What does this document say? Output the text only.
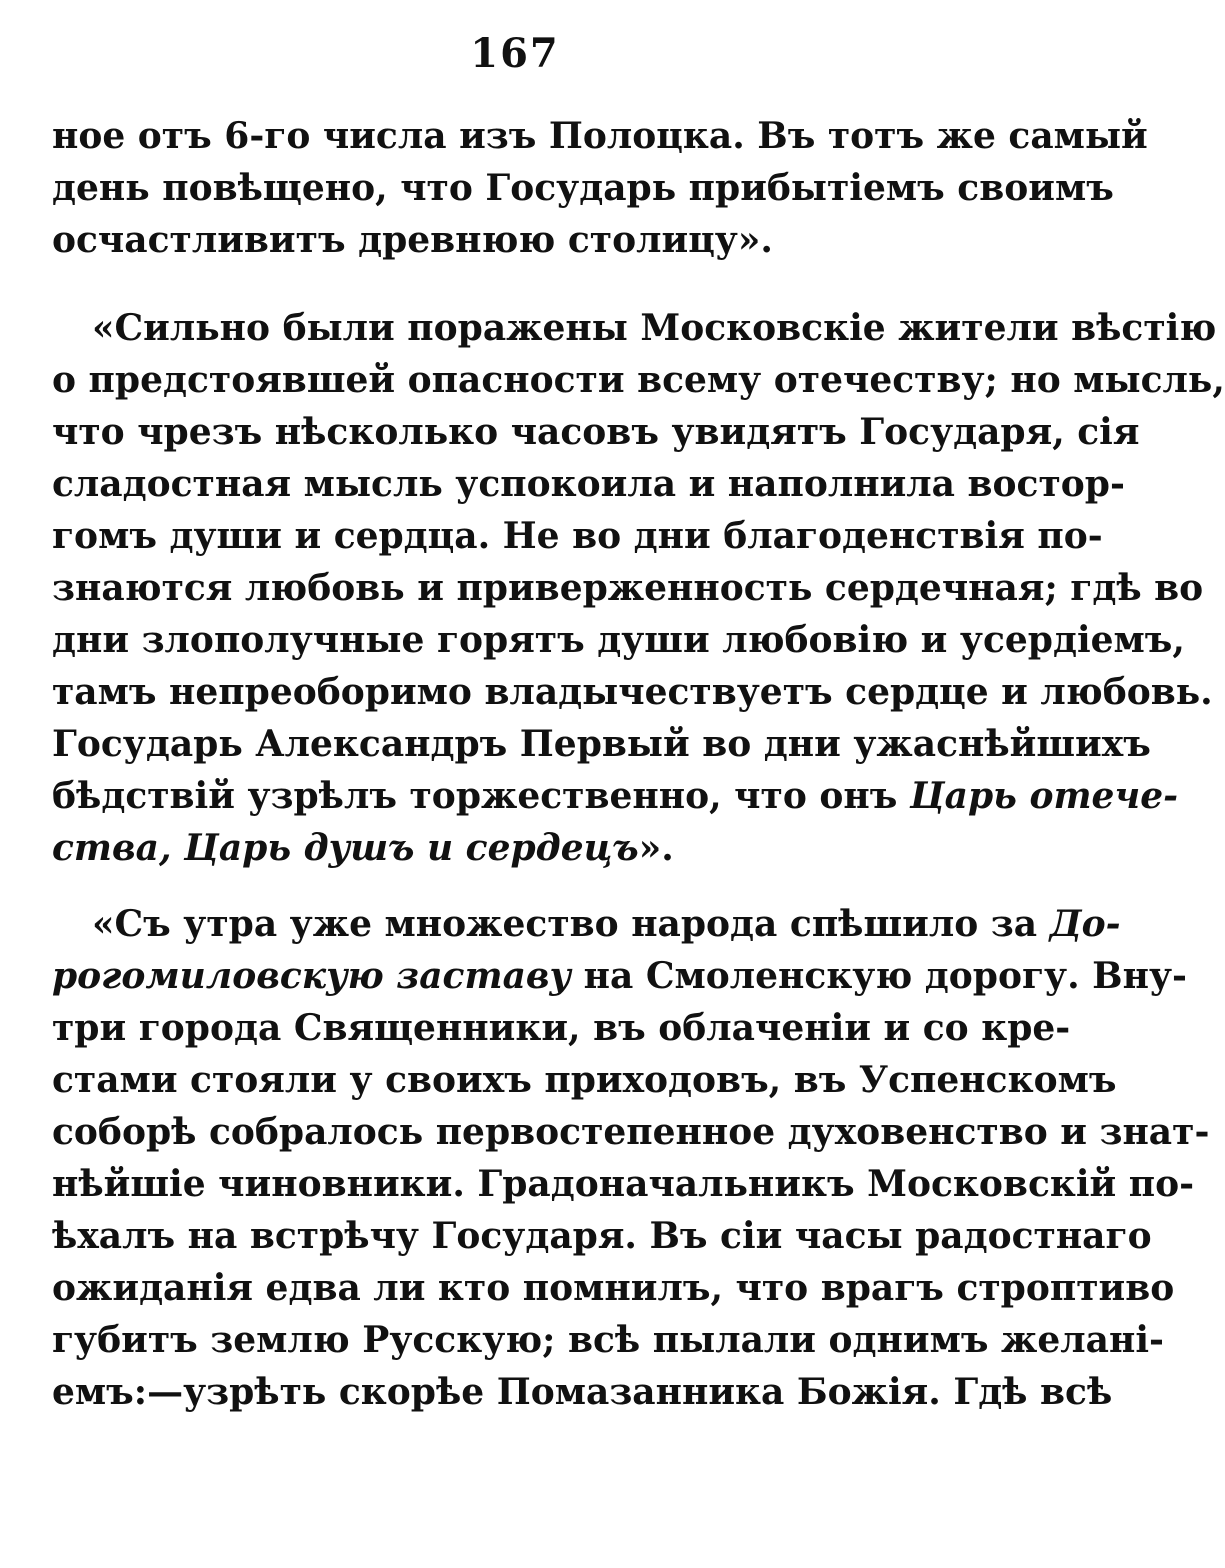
167
ное отъ 6-го числа изъ Полоцка. Въ тотъ же самый
день повѣщено, что Государь прибытіемъ своимъ
осчастливитъ древнюю столицу».
«Сильно были поражены Московскіе жители вѣстію
о предстоявшей опасности всему отечеству; но мысль,
что чрезъ нѣсколько часовъ увидятъ Государя, сія
сладостная мысль успокоила и наполнила востор-
гомъ души и сердца. Не во дни благоденствія по-
знаются любовь и приверженность сердечная; гдѣ во
дни злополучные горятъ души любовію и усердіемъ,
тамъ непреоборимо владычествуетъ сердце и любовь.
Государь Александръ Первый во дни ужаснѣйшихъ
бѣдствій узрѣлъ торжественно, что онъ Царь отече-
ства, Царь душъ и сердецъ».
«Съ утра уже множество народа спѣшило за До-
рогомиловскую заставу на Смоленскую дорогу. Вну-
три города Священники, въ облаченіи и со кре-
стами стояли у своихъ приходовъ, въ Успенскомъ
соборѣ собралось первостепенное духовенство и знат-
нѣйшіе чиновники. Градоначальникъ Московскій по-
ѣхалъ на встрѣчу Государя. Въ сіи часы радостнаго
ожиданія едва ли кто помнилъ, что врагъ строптиво
губитъ землю Русскую; всѣ пылали однимъ желані-
емъ:—узрѣть скорѣе Помазанника Божія. Гдѣ всѣ
